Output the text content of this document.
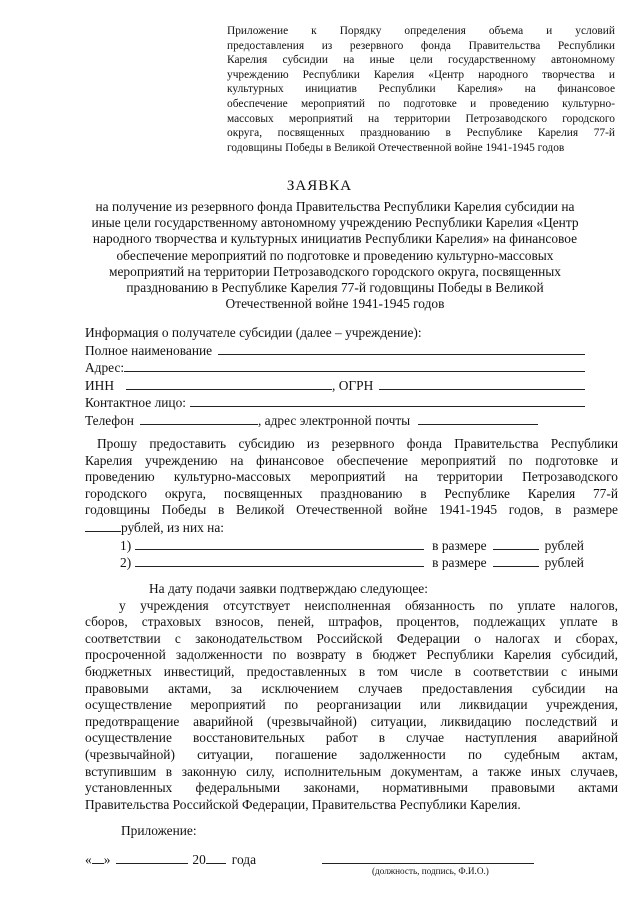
Приложение к Порядку определения объема и условий
предоставления из резервного фонда Правительства Республики
Карелия субсидии на иные цели государственному автономному
учреждению Республики Карелия «Центр народного творчества и
культурных инициатив Республики Карелия» на финансовое
обеспечение мероприятий по подготовке и проведению культурно-
массовых мероприятий на территории Петрозаводского городского
округа, посвященных празднованию в Республике Карелия 77-й
годовщины Победы в Великой Отечественной войне 1941-1945 годов
ЗАЯВКА
на получение из резервного фонда Правительства Республики Карелия субсидии на
иные цели государственному автономному учреждению Республики Карелия «Центр
народного творчества и культурных инициатив Республики Карелия» на финансовое
обеспечение мероприятий по подготовке и проведению культурно-массовых
мероприятий на территории Петрозаводского городского округа, посвященных
празднованию в Республике Карелия 77-й годовщины Победы в Великой
Отечественной войне 1941-1945 годов
Информация о получателе субсидии (далее – учреждение):
Полное наименование
Адрес:
ИНН	, ОГРН
Контактное лицо:
Телефон	, адрес электронной почты
Прошу предоставить субсидию из резервного фонда Правительства Республики
Карелия учреждению на финансовое обеспечение мероприятий по подготовке и
проведению культурно-массовых мероприятий на территории Петрозаводского
городского округа, посвященных празднованию в Республике Карелия 77-й
годовщины Победы в Великой Отечественной войне 1941-1945 годов, в размере
рублей, из них на:
1)	в размере	рублей
2)	в размере	рублей
На дату подачи заявки подтверждаю следующее:
у учреждения отсутствует неисполненная обязанность по уплате налогов,
сборов, страховых взносов, пеней, штрафов, процентов, подлежащих уплате в
соответствии с законодательством Российской Федерации о налогах и сборах,
просроченной задолженности по возврату в бюджет Республики Карелия субсидий,
бюджетных инвестиций, предоставленных в том числе в соответствии с иными
правовыми актами, за исключением случаев предоставления субсидии на
осуществление мероприятий по реорганизации или ликвидации учреждения,
предотвращение аварийной (чрезвычайной) ситуации, ликвидацию последствий и
осуществление восстановительных работ в случае наступления аварийной
(чрезвычайной) ситуации, погашение задолженности по судебным актам,
вступившим в законную силу, исполнительным документам, а также иных случаев,
установленных федеральными законами, нормативными правовыми актами
Правительства Российской Федерации, Правительства Республики Карелия.
Приложение:
« »	20 года
(должность, подпись, Ф.И.О.)
